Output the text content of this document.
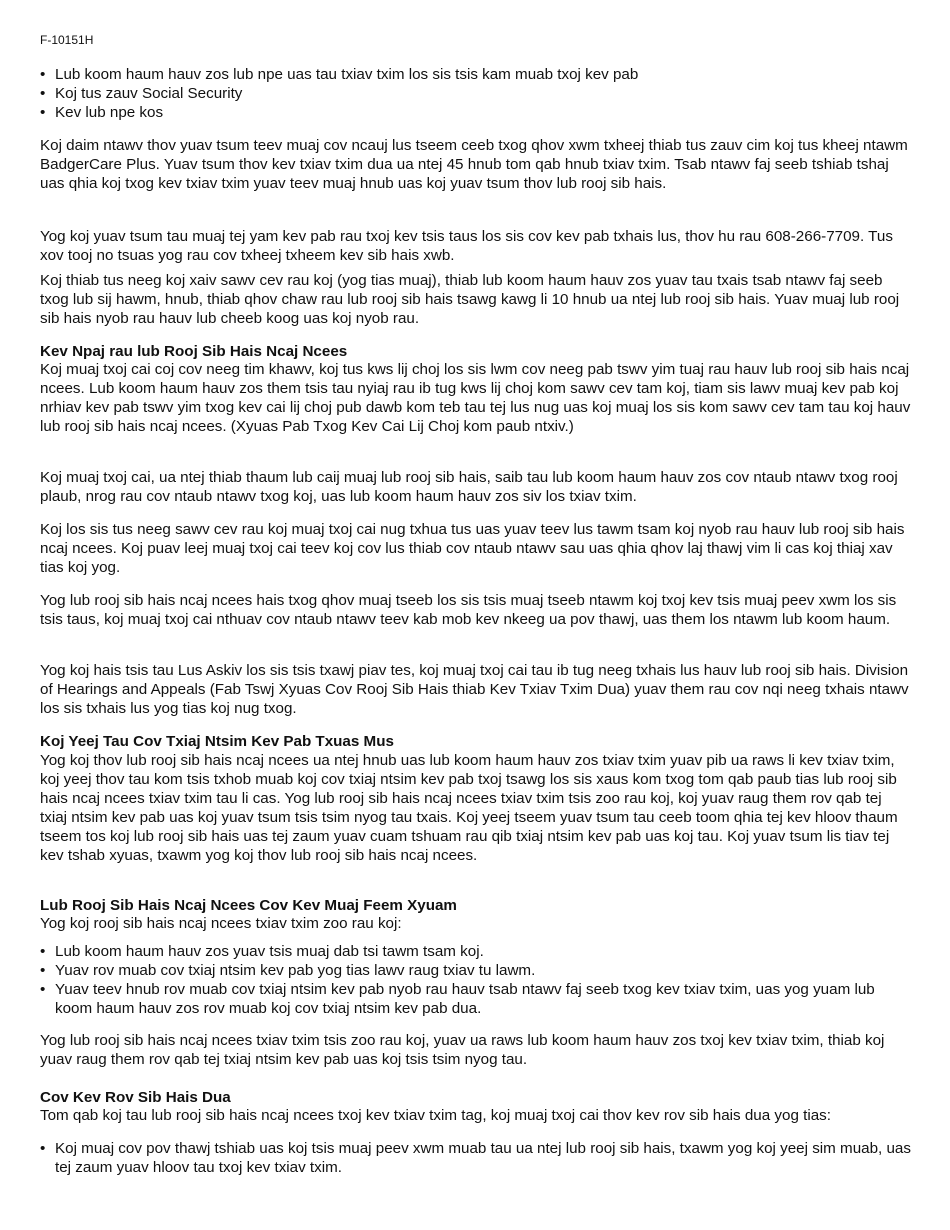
F-10151H
• Lub koom haum hauv zos lub npe uas tau txiav txim los sis tsis kam muab txoj kev pab
• Koj tus zauv Social Security
• Kev lub npe kos

Koj daim ntawv thov yuav tsum teev muaj cov ncauj lus tseem ceeb txog qhov xwm txheej thiab tus zauv cim koj tus kheej ntawm BadgerCare Plus. Yuav tsum thov kev txiav txim dua ua ntej 45 hnub tom qab hnub txiav txim. Tsab ntawv faj seeb tshiab tshaj uas qhia koj txog kev txiav txim yuav teev muaj hnub uas koj yuav tsum thov lub rooj sib hais.

Yog koj yuav tsum tau muaj tej yam kev pab rau txoj kev tsis taus los sis cov kev pab txhais lus, thov hu rau 608-266-7709. Tus xov tooj no tsuas yog rau cov txheej txheem kev sib hais xwb.

Koj thiab tus neeg koj xaiv sawv cev rau koj (yog tias muaj), thiab lub koom haum hauv zos yuav tau txais tsab ntawv faj seeb txog lub sij hawm, hnub, thiab qhov chaw rau lub rooj sib hais tsawg kawg li 10 hnub ua ntej lub rooj sib hais. Yuav muaj lub rooj sib hais nyob rau hauv lub cheeb koog uas koj nyob rau.

Kev Npaj rau lub Rooj Sib Hais Ncaj Ncees

Koj muaj txoj cai coj cov neeg tim khawv, koj tus kws lij choj los sis lwm cov neeg pab tswv yim tuaj rau hauv lub rooj sib hais ncaj ncees. Lub koom haum hauv zos them tsis tau nyiaj rau ib tug kws lij choj kom sawv cev tam koj, tiam sis lawv muaj kev pab koj nrhiav kev pab tswv yim txog kev cai lij choj pub dawb kom teb tau tej lus nug uas koj muaj los sis kom sawv cev tam tau koj hauv lub rooj sib hais ncaj ncees. (Xyuas Pab Txog Kev Cai Lij Choj kom paub ntxiv.)

Koj muaj txoj cai, ua ntej thiab thaum lub caij muaj lub rooj sib hais, saib tau lub koom haum hauv zos cov ntaub ntawv txog rooj plaub, nrog rau cov ntaub ntawv txog koj, uas lub koom haum hauv zos siv los txiav txim.

Koj los sis tus neeg sawv cev rau koj muaj txoj cai nug txhua tus uas yuav teev lus tawm tsam koj nyob rau hauv lub rooj sib hais ncaj ncees. Koj puav leej muaj txoj cai teev koj cov lus thiab cov ntaub ntawv sau uas qhia qhov laj thawj vim li cas koj thiaj xav tias koj yog.

Yog lub rooj sib hais ncaj ncees hais txog qhov muaj tseeb los sis tsis muaj tseeb ntawm koj txoj kev tsis muaj peev xwm los sis tsis taus, koj muaj txoj cai nthuav cov ntaub ntawv teev kab mob kev nkeeg ua pov thawj, uas them los ntawm lub koom haum.

Yog koj hais tsis tau Lus Askiv los sis tsis txawj piav tes, koj muaj txoj cai tau ib tug neeg txhais lus hauv lub rooj sib hais. Division of Hearings and Appeals (Fab Tswj Xyuas Cov Rooj Sib Hais thiab Kev Txiav Txim Dua) yuav them rau cov nqi neeg txhais ntawv los sis txhais lus yog tias koj nug txog.

Koj Yeej Tau Cov Txiaj Ntsim Kev Pab Txuas Mus

Yog koj thov lub rooj sib hais ncaj ncees ua ntej hnub uas lub koom haum hauv zos txiav txim yuav pib ua raws li kev txiav txim, koj yeej thov tau kom tsis txhob muab koj cov txiaj ntsim kev pab txoj tsawg los sis xaus kom txog tom qab paub tias lub rooj sib hais ncaj ncees txiav txim tau li cas. Yog lub rooj sib hais ncaj ncees txiav txim tsis zoo rau koj, koj yuav raug them rov qab tej txiaj ntsim kev pab uas koj yuav tsum tsis tsim nyog tau txais. Koj yeej tseem yuav tsum tau ceeb toom qhia tej kev hloov thaum tseem tos koj lub rooj sib hais uas tej zaum yuav cuam tshuam rau qib txiaj ntsim kev pab uas koj tau. Koj yuav tsum lis tiav tej kev tshab xyuas, txawm yog koj thov lub rooj sib hais ncaj ncees.

Lub Rooj Sib Hais Ncaj Ncees Cov Kev Muaj Feem Xyuam

Yog koj rooj sib hais ncaj ncees txiav txim zoo rau koj:

• Lub koom haum hauv zos yuav tsis muaj dab tsi tawm tsam koj.
• Yuav rov muab cov txiaj ntsim kev pab yog tias lawv raug txiav tu lawm.
• Yuav teev hnub rov muab cov txiaj ntsim kev pab nyob rau hauv tsab ntawv faj seeb txog kev txiav txim, uas yog yuam lub koom haum hauv zos rov muab koj cov txiaj ntsim kev pab dua.

Yog lub rooj sib hais ncaj ncees txiav txim tsis zoo rau koj, yuav ua raws lub koom haum hauv zos txoj kev txiav txim, thiab koj yuav raug them rov qab tej txiaj ntsim kev pab uas koj tsis tsim nyog tau.

Cov Kev Rov Sib Hais Dua

Tom qab koj tau lub rooj sib hais ncaj ncees txoj kev txiav txim tag, koj muaj txoj cai thov kev rov sib hais dua yog tias:

• Koj muaj cov pov thawj tshiab uas koj tsis muaj peev xwm muab tau ua ntej lub rooj sib hais, txawm yog koj yeej sim muab, uas tej zaum yuav hloov tau txoj kev txiav txim.
